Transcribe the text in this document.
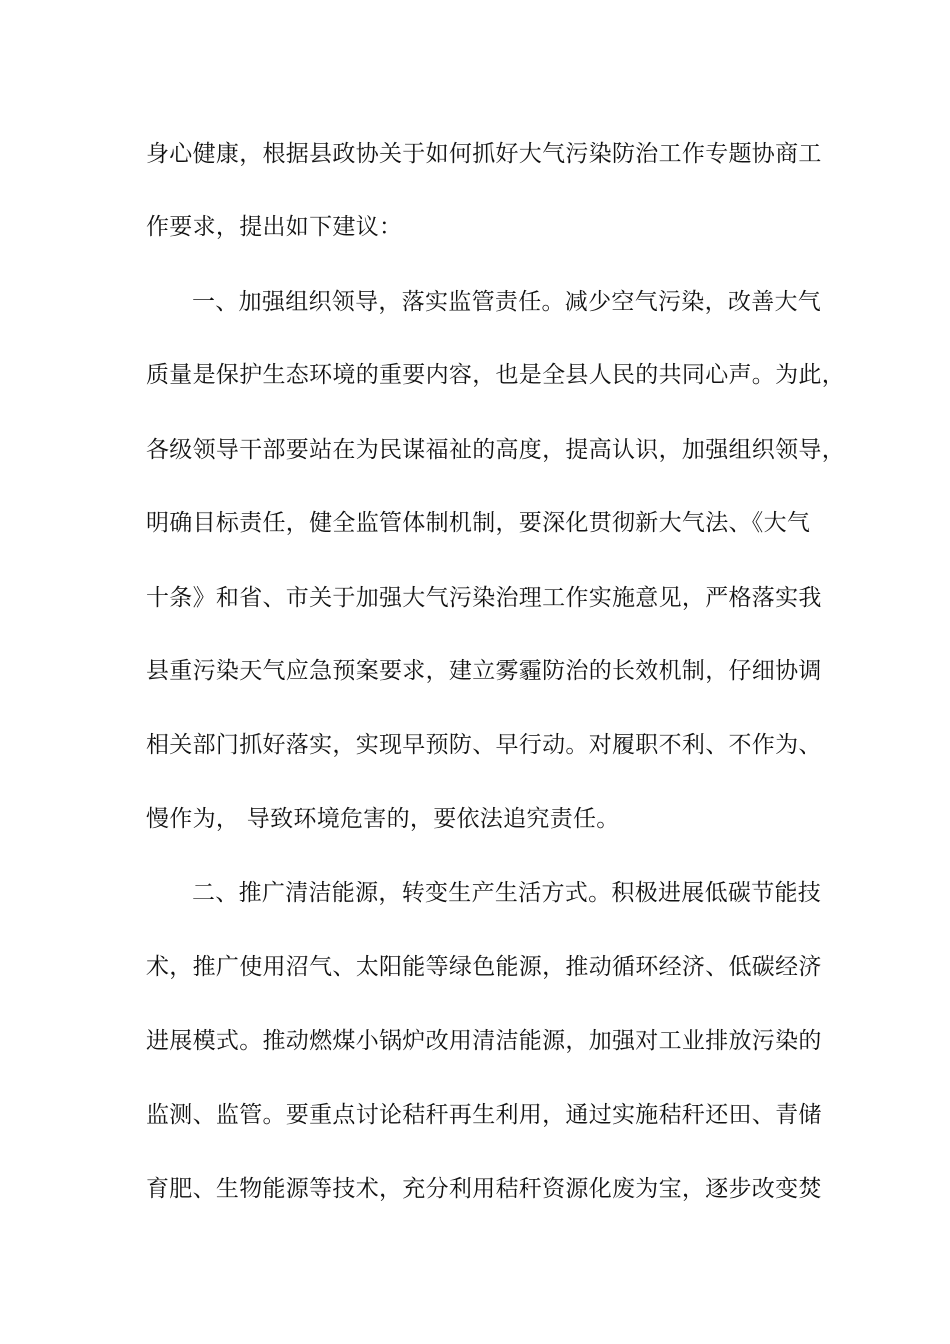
身心健康，根据县政协关于如何抓好大气污染防治工作专题协商工

作要求，提出如下建议：

一、加强组织领导，落实监管责任。减少空气污染，改善大气

质量是保护生态环境的重要内容，也是全县人民的共同心声。为此，

各级领导干部要站在为民谋福祉的高度，提高认识，加强组织领导，

明确目标责任，健全监管体制机制，要深化贯彻新大气法、《大气

十条》和省、市关于加强大气污染治理工作实施意见，严格落实我

县重污染天气应急预案要求，建立雾霾防治的长效机制，仔细协调

相关部门抓好落实，实现早预防、早行动。对履职不利、不作为、

慢作为， 导致环境危害的，要依法追究责任。

二、推广清洁能源，转变生产生活方式。积极进展低碳节能技

术，推广使用沼气、太阳能等绿色能源，推动循环经济、低碳经济

进展模式。推动燃煤小锅炉改用清洁能源，加强对工业排放污染的

监测、监管。要重点讨论秸秆再生利用，通过实施秸秆还田、青储

育肥、生物能源等技术，充分利用秸秆资源化废为宝，逐步改变焚
